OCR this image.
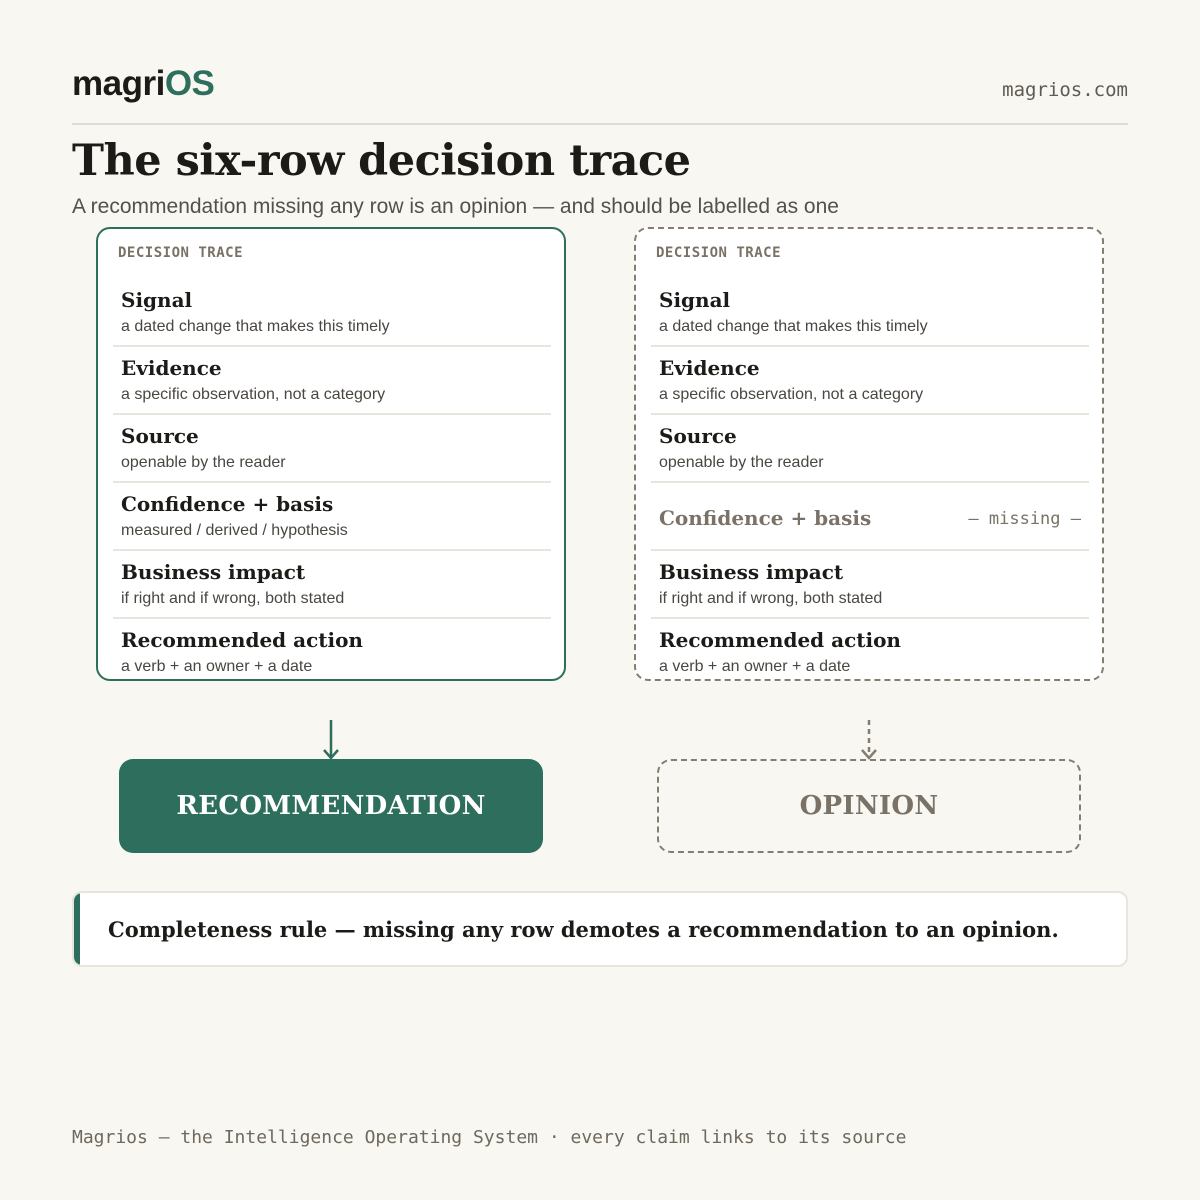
magriOS	magrios.com
The six-row decision trace

A recommendation missing any row is an opinion — and should be labelled as one

DECISION TRACE
Signal
a dated change that makes this timely
Evidence
a specific observation, not a category
Source
openable by the reader
Confidence + basis
measured / derived / hypothesis
Business impact
if right and if wrong, both stated
Recommended action
a verb + an owner + a date
DECISION TRACE
Signal
a dated change that makes this timely
Evidence
a specific observation, not a category
Source
openable by the reader
Confidence + basis	— missing —
Business impact
if right and if wrong, both stated
Recommended action
a verb + an owner + a date
RECOMMENDATION	OPINION
Completeness rule — missing any row demotes a recommendation to an opinion.
Magrios — the Intelligence Operating System · every claim links to its source
